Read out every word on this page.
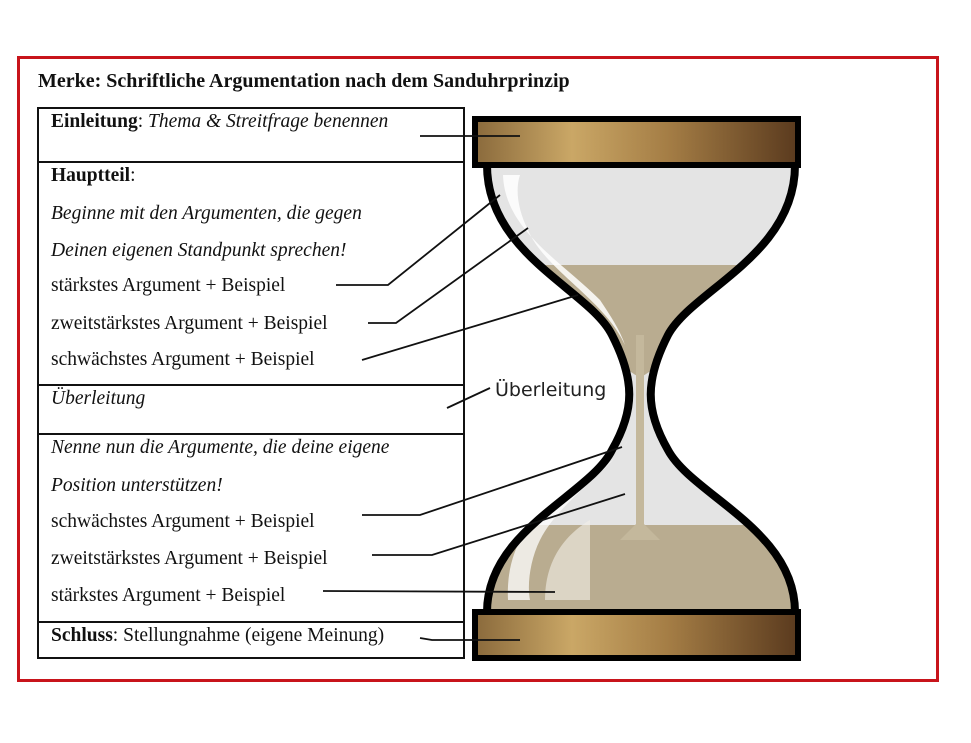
Merke: Schriftliche Argumentation nach dem Sanduhrprinzip
Einleitung: Thema & Streitfrage benennen
Hauptteil:
Beginne mit den Argumenten, die gegen
Deinen eigenen Standpunkt sprechen!
stärkstes Argument + Beispiel
zweitstärkstes Argument + Beispiel
schwächstes Argument + Beispiel
Überleitung
Nenne nun die Argumente, die deine eigene
Position unterstützen!
schwächstes Argument + Beispiel
zweitstärkstes Argument + Beispiel
stärkstes Argument + Beispiel
Schluss: Stellungnahme (eigene Meinung)
Überleitung
